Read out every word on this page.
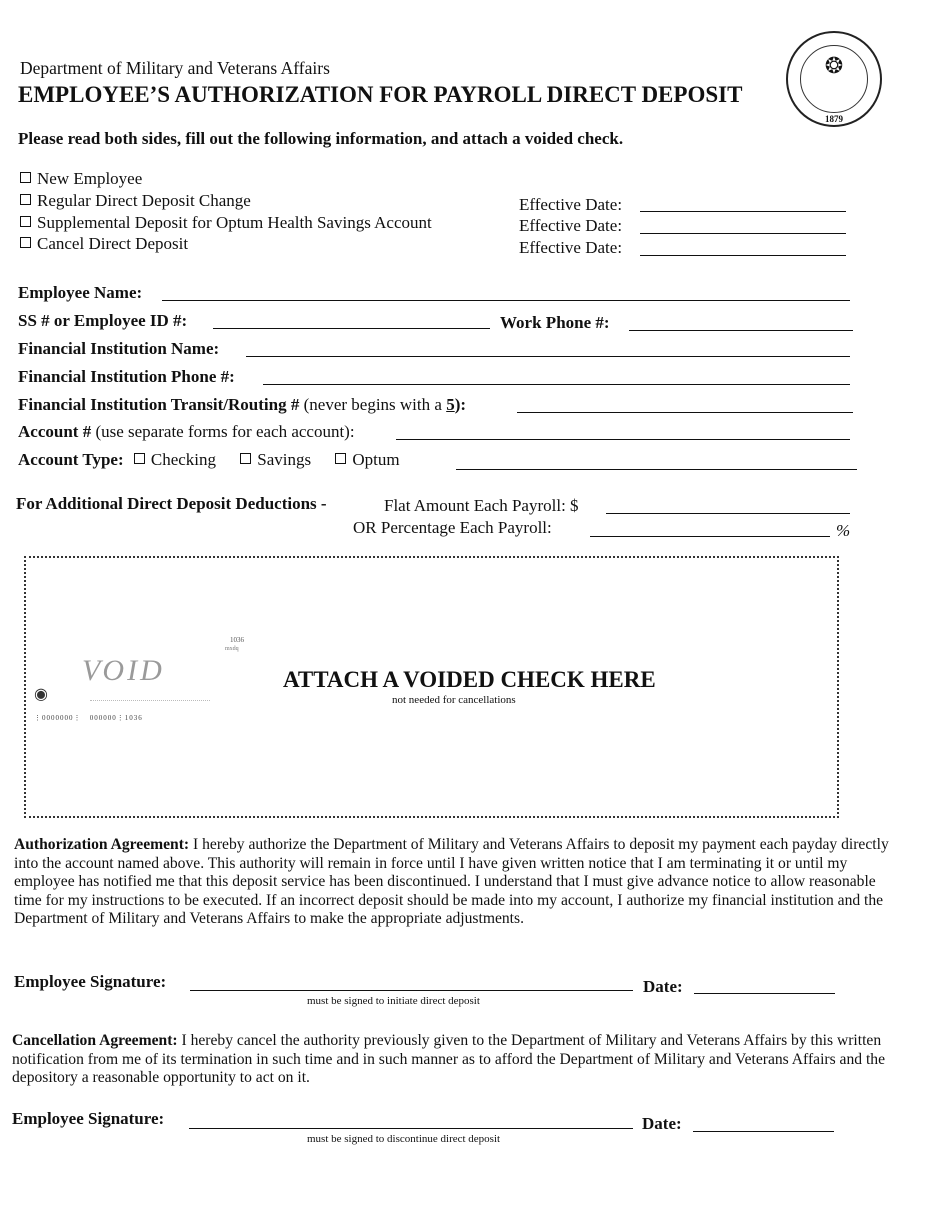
Department of Military and Veterans Affairs
EMPLOYEE’S AUTHORIZATION FOR PAYROLL DIRECT DEPOSIT
❂
1879
Please read both sides, fill out the following information, and attach a voided check.
New Employee
Regular Direct Deposit Change
Supplemental Deposit for Optum Health Savings Account
Cancel Direct Deposit
Effective Date:
Effective Date:
Effective Date:
Employee Name:
SS # or Employee ID #:	Work Phone #:
Financial Institution Name:
Financial Institution Phone #:
Financial Institution Transit/Routing # (never begins with a 5):
Account # (use separate forms for each account):
Account Type: Checking Savings Optum
For Additional Direct Deposit Deductions -	Flat Amount Each Payroll: $
OR Percentage Each Payroll:	%
1036
mxdq
VOID
◉
⋮0000000⋮   000000⋮1036
ATTACH A VOIDED CHECK HERE
not needed for cancellations
Authorization Agreement: I hereby authorize the Department of Military and Veterans Affairs to deposit my payment each payday directly into the account named above. This authority will remain in force until I have given written notice that I am terminating it or until my employee has notified me that this deposit service has been discontinued. I understand that I must give advance notice to allow reasonable time for my instructions to be executed. If an incorrect deposit should be made into my account, I authorize my financial institution and the Department of Military and Veterans Affairs to make the appropriate adjustments.
Employee Signature:	Date:
must be signed to initiate direct deposit
Cancellation Agreement: I hereby cancel the authority previously given to the Department of Military and Veterans Affairs by this written notification from me of its termination in such time and in such manner as to afford the Department of Military and Veterans Affairs and the depository a reasonable opportunity to act on it.
Employee Signature:	Date:
must be signed to discontinue direct deposit
